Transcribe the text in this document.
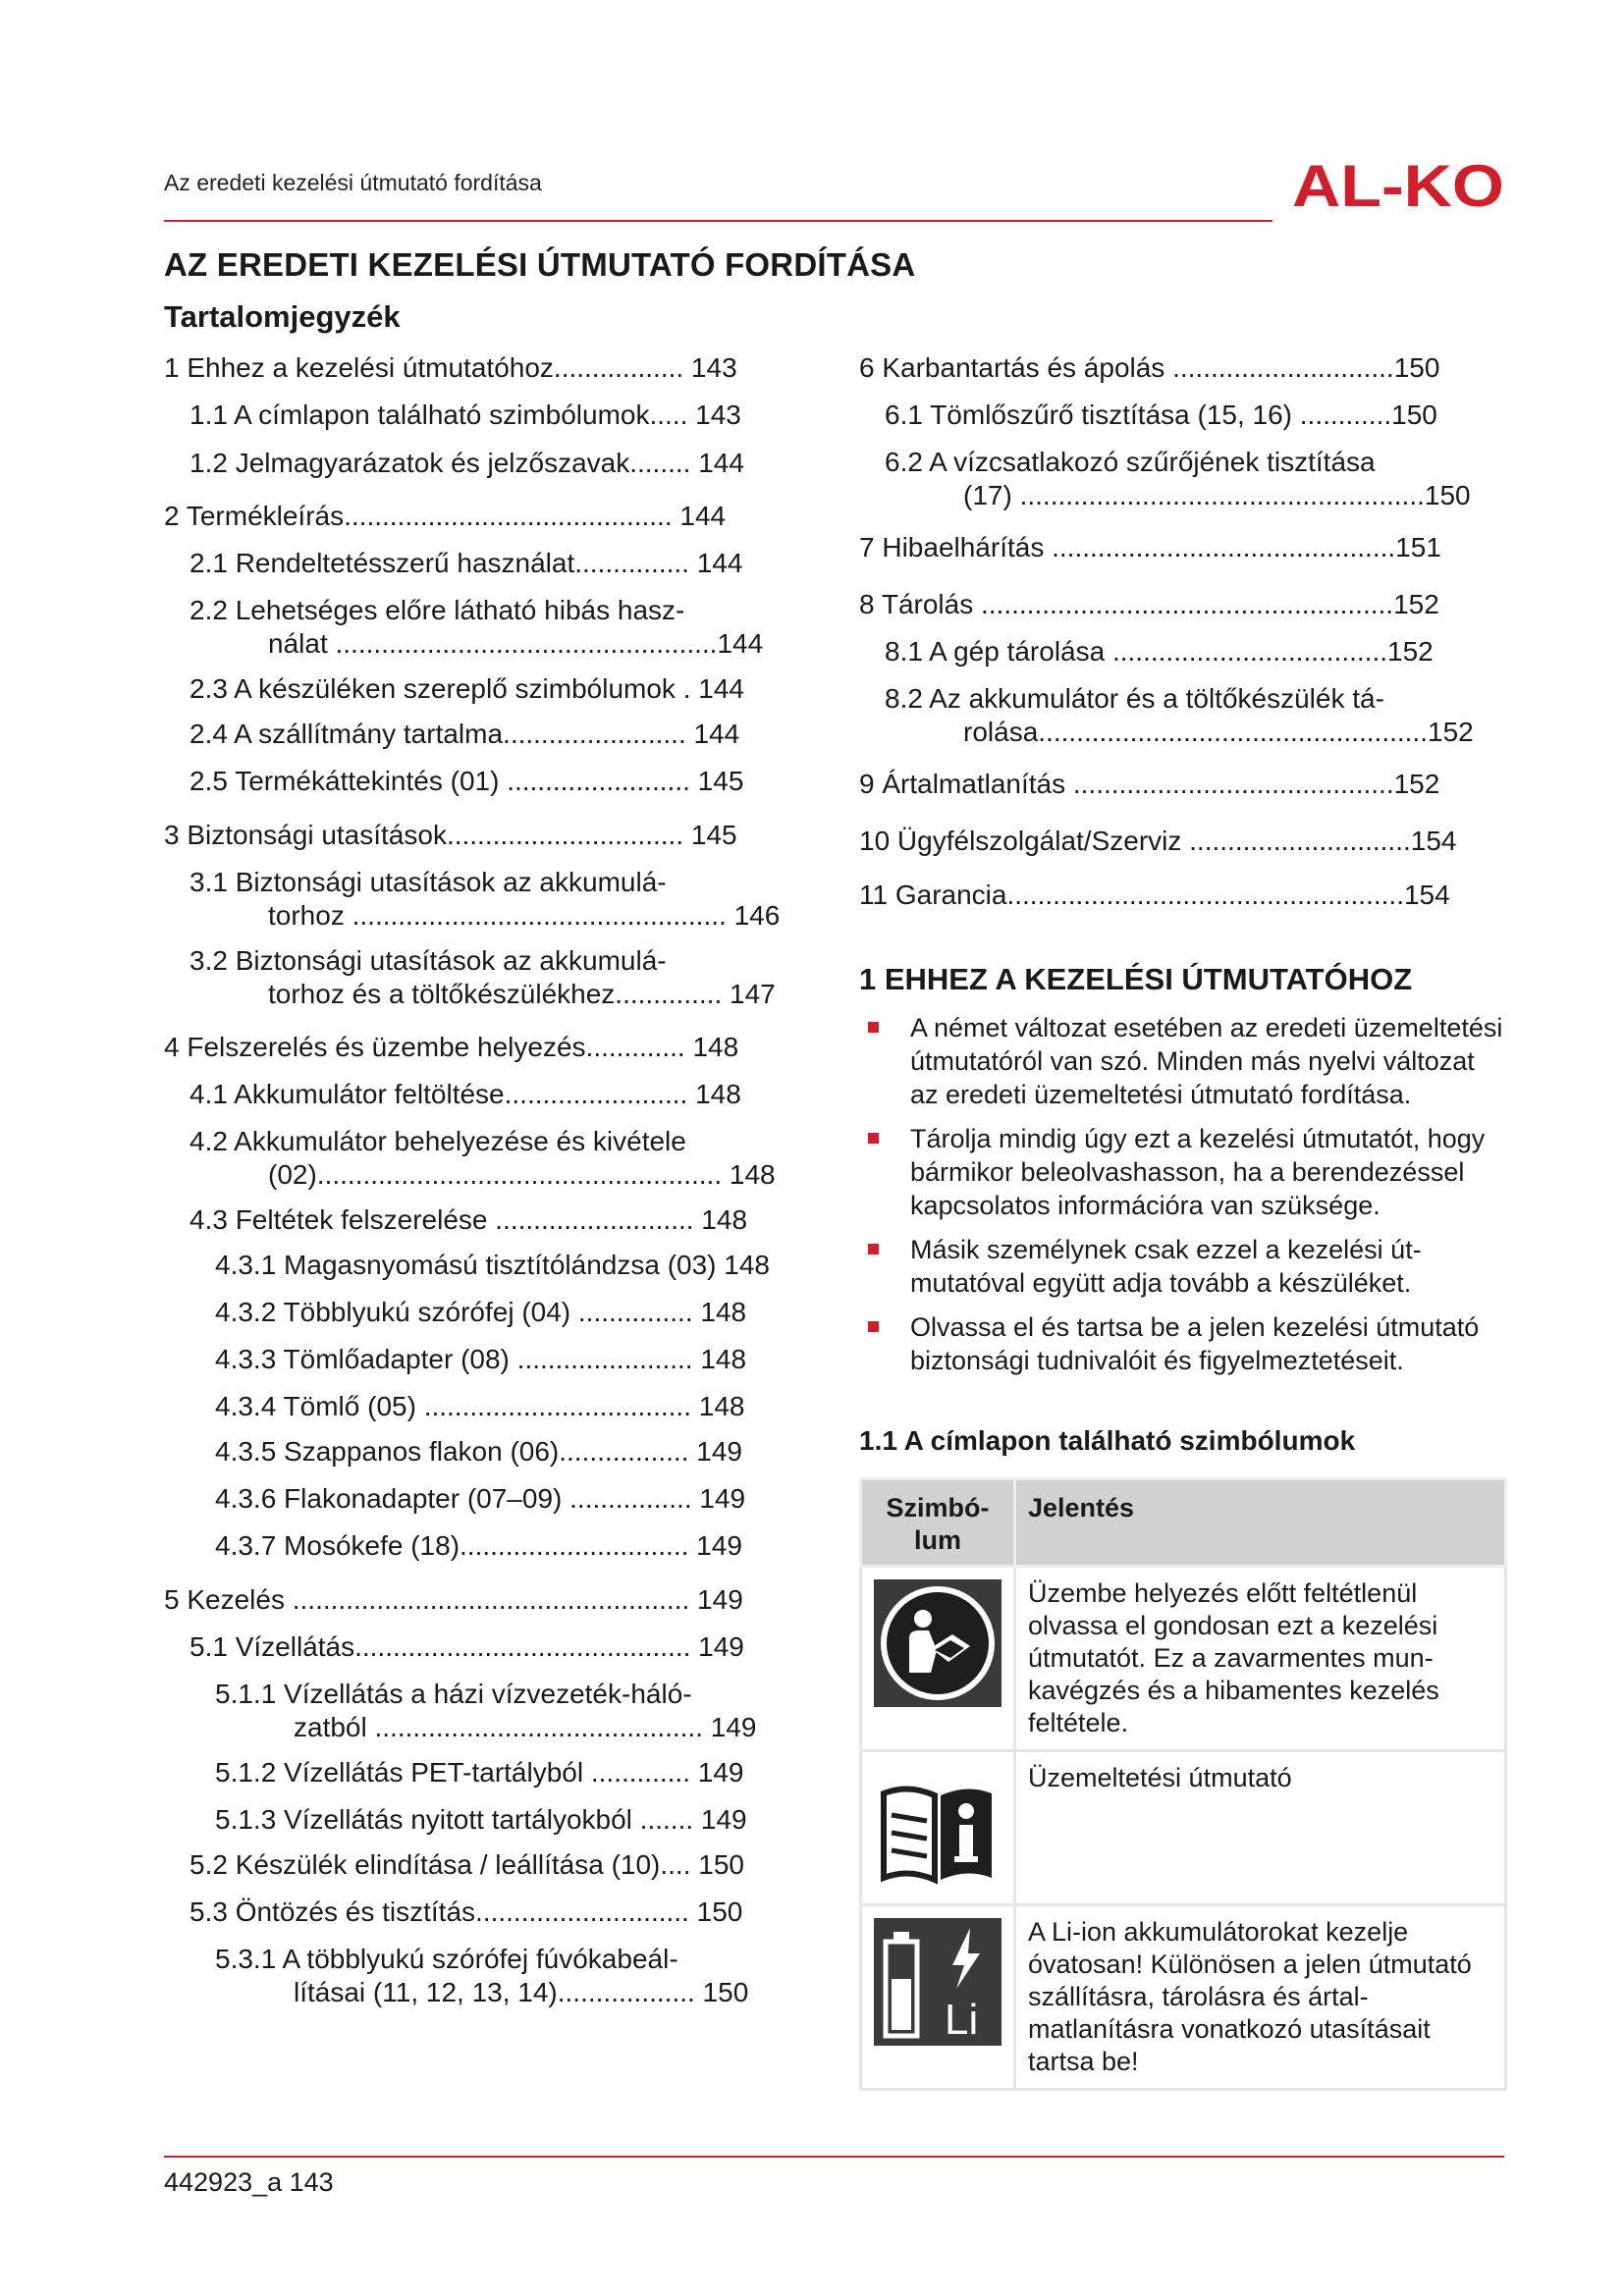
Az eredeti kezelési útmutató fordítása	AL-KO
AZ EREDETI KEZELÉSI ÚTMUTATÓ FORDÍTÁSA
Tartalomjegyzék
1 Ehhez a kezelési útmutatóhoz................. 143
1.1 A címlapon található szimbólumok..... 143
1.2 Jelmagyarázatok és jelzőszavak........ 144
2 Termékleírás........................................... 144
2.1 Rendeltetésszerű használat............... 144
2.2 Lehetséges előre látható hibás hasz-
nálat ..................................................144
2.3 A készüléken szereplő szimbólumok . 144
2.4 A szállítmány tartalma........................ 144
2.5 Termékáttekintés (01) ........................ 145
3 Biztonsági utasítások............................... 145
3.1 Biztonsági utasítások az akkumulá-
torhoz ................................................. 146
3.2 Biztonsági utasítások az akkumulá-
torhoz és a töltőkészülékhez.............. 147
4 Felszerelés és üzembe helyezés............. 148
4.1 Akkumulátor feltöltése........................ 148
4.2 Akkumulátor behelyezése és kivétele
(02)..................................................... 148
4.3 Feltétek felszerelése .......................... 148
4.3.1 Magasnyomású tisztítólándzsa (03) 148
4.3.2 Többlyukú szórófej (04) ............... 148
4.3.3 Tömlőadapter (08) ....................... 148
4.3.4 Tömlő (05) ................................... 148
4.3.5 Szappanos flakon (06)................. 149
4.3.6 Flakonadapter (07–09) ................ 149
4.3.7 Mosókefe (18).............................. 149
5 Kezelés .................................................... 149
5.1 Vízellátás............................................ 149
5.1.1 Vízellátás a házi vízvezeték-háló-
zatból ........................................... 149
5.1.2 Vízellátás PET-tartályból ............. 149
5.1.3 Vízellátás nyitott tartályokból ....... 149
5.2 Készülék elindítása / leállítása (10).... 150
5.3 Öntözés és tisztítás............................ 150
5.3.1 A többlyukú szórófej fúvókabeál-
lításai (11, 12, 13, 14).................. 150
6 Karbantartás és ápolás .............................150
6.1 Tömlőszűrő tisztítása (15, 16) ............150
6.2 A vízcsatlakozó szűrőjének tisztítása
(17) .....................................................150
7 Hibaelhárítás .............................................151
8 Tárolás ......................................................152
8.1 A gép tárolása ....................................152
8.2 Az akkumulátor és a töltőkészülék tá-
rolása...................................................152
9 Ártalmatlanítás ..........................................152
10 Ügyfélszolgálat/Szerviz .............................154
11 Garancia....................................................154
1 EHHEZ A KEZELÉSI ÚTMUTATÓHOZ
A német változat esetében az eredeti üzemeltetési útmutatóról van szó. Minden más nyelvi változat az eredeti üzemeltetési útmutató fordítása.
Tárolja mindig úgy ezt a kezelési útmutatót, hogy bármikor beleolvashasson, ha a berendezéssel kapcsolatos információra van szüksége.
Másik személynek csak ezzel a kezelési útmutatóval együtt adja tovább a készüléket.
Olvassa el és tartsa be a jelen kezelési útmutató biztonsági tudnivalóit és figyelmeztetéseit.
1.1 A címlapon található szimbólumok
Szimbólum	Jelentés

	Üzembe helyezés előtt feltétlenül olvassa el gondosan ezt a kezelési útmutatót. Ez a zavarmentes munkavégzés és a hibamentes kezelés feltétele.

	Üzemeltetési útmutató

Li	A Li-ion akkumulátorokat kezelje óvatosan! Különösen a jelen útmutató szállításra, tárolásra és ártalmatlanításra vonatkozó utasításait tartsa be!
442923_a 143
